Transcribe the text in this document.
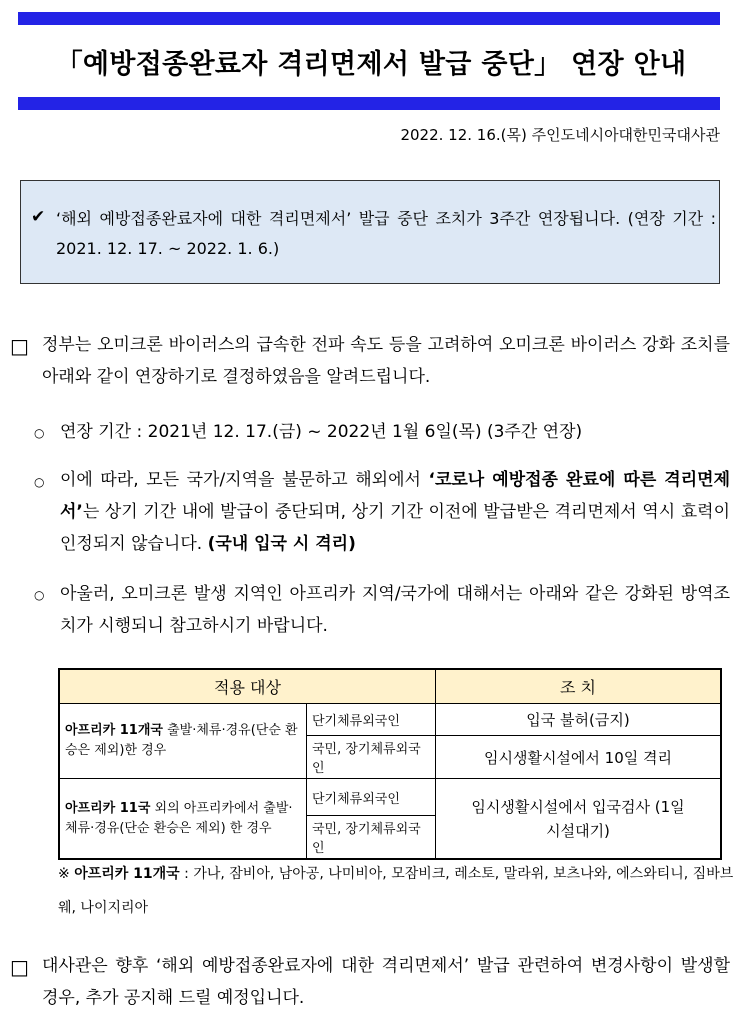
「예방접종완료자 격리면제서 발급 중단」 연장 안내
2022. 12. 16.(목) 주인도네시아대한민국대사관
✔ ‘해외 예방접종완료자에 대한 격리면제서’ 발급 중단 조치가 3주간 연장됩니다. (연장 기간 : 2021. 12. 17. ~ 2022. 1. 6.)
□ 정부는 오미크론 바이러스의 급속한 전파 속도 등을 고려하여 오미크론 바이러스 강화 조치를 아래와 같이 연장하기로 결정하였음을 알려드립니다.
○ 연장 기간 : 2021년 12. 17.(금) ~ 2022년 1월 6일(목) (3주간 연장)
○ 이에 따라, 모든 국가/지역을 불문하고 해외에서 ‘코로나 예방접종 완료에 따른 격리면제서’는 상기 기간 내에 발급이 중단되며, 상기 기간 이전에 발급받은 격리면제서 역시 효력이 인정되지 않습니다. (국내 입국 시 격리)
○ 아울러, 오미크론 발생 지역인 아프리카 지역/국가에 대해서는 아래와 같은 강화된 방역조치가 시행되니 참고하시기 바랍니다.
적용 대상		조 치
아프리카 11개국 출발·체류·경유(단순 환승은 제외)한 경우	단기체류외국인	입국 불허(금지)
	국민, 장기체류외국인	임시생활시설에서 10일 격리
아프리카 11국 외의 아프리카에서 출발·체류·경유(단순 환승은 제외) 한 경우	단기체류외국인	임시생활시설에서 입국검사 (1일 시설대기)
	국민, 장기체류외국인	
※ 아프리카 11개국 : 가나, 잠비아, 남아공, 나미비아, 모잠비크, 레소토, 말라위, 보츠나와, 에스와티니, 짐바브웨, 나이지리아
□ 대사관은 향후 ‘해외 예방접종완료자에 대한 격리면제서’ 발급 관련하여 변경사항이 발생할 경우, 추가 공지해 드릴 예정입니다.
